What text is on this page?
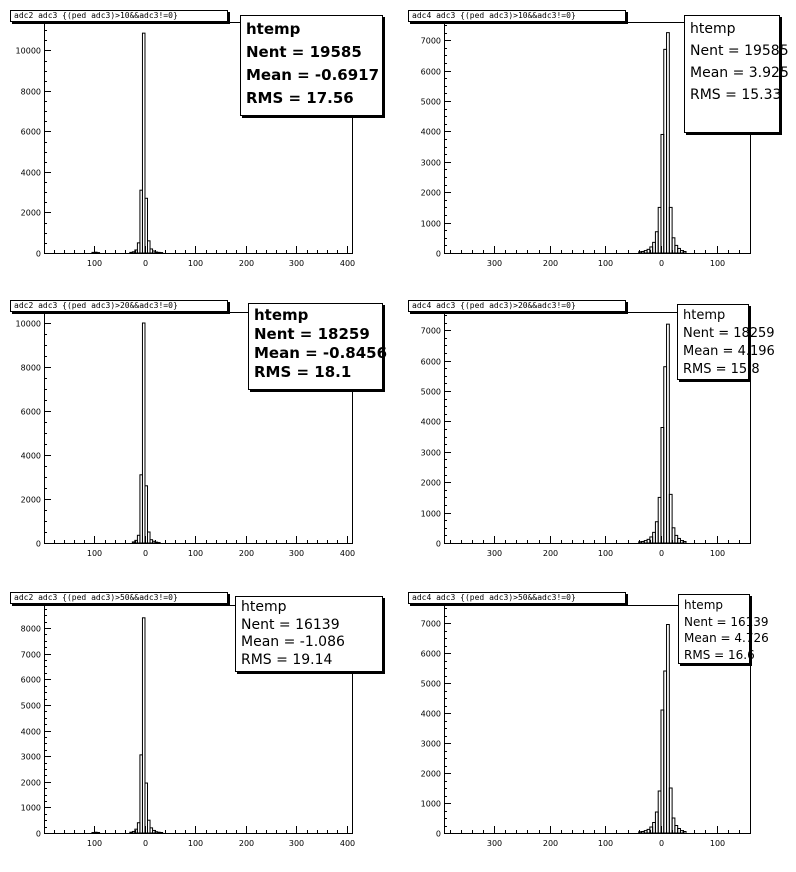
adc2 adc3 {(ped adc3)>10&&adc3!=0}
0
2000
4000
6000
8000
10000
100	0	100	200	300	400
htemp
Nent = 19585
Mean = -0.6917
RMS = 17.56
adc4 adc3 {(ped adc3)>10&&adc3!=0}
0
1000
2000
3000
4000
5000
6000
7000
300	200	100	0	100
htemp
Nent = 19585
Mean = 3.925
RMS = 15.33
adc2 adc3 {(ped adc3)>20&&adc3!=0}
0
2000
4000
6000
8000
10000
100	0	100	200	300	400
htemp
Nent = 18259
Mean = -0.8456
RMS = 18.1
adc4 adc3 {(ped adc3)>20&&adc3!=0}
0
1000
2000
3000
4000
5000
6000
7000
300	200	100	0	100
htemp
Nent = 18259
Mean = 4.196
RMS = 15.8
adc2 adc3 {(ped adc3)>50&&adc3!=0}
0
1000
2000
3000
4000
5000
6000
7000
8000
100	0	100	200	300	400
htemp
Nent = 16139
Mean = -1.086
RMS = 19.14
adc4 adc3 {(ped adc3)>50&&adc3!=0}
0
1000
2000
3000
4000
5000
6000
7000
300	200	100	0	100
htemp
Nent = 16139
Mean = 4.726
RMS = 16.6
